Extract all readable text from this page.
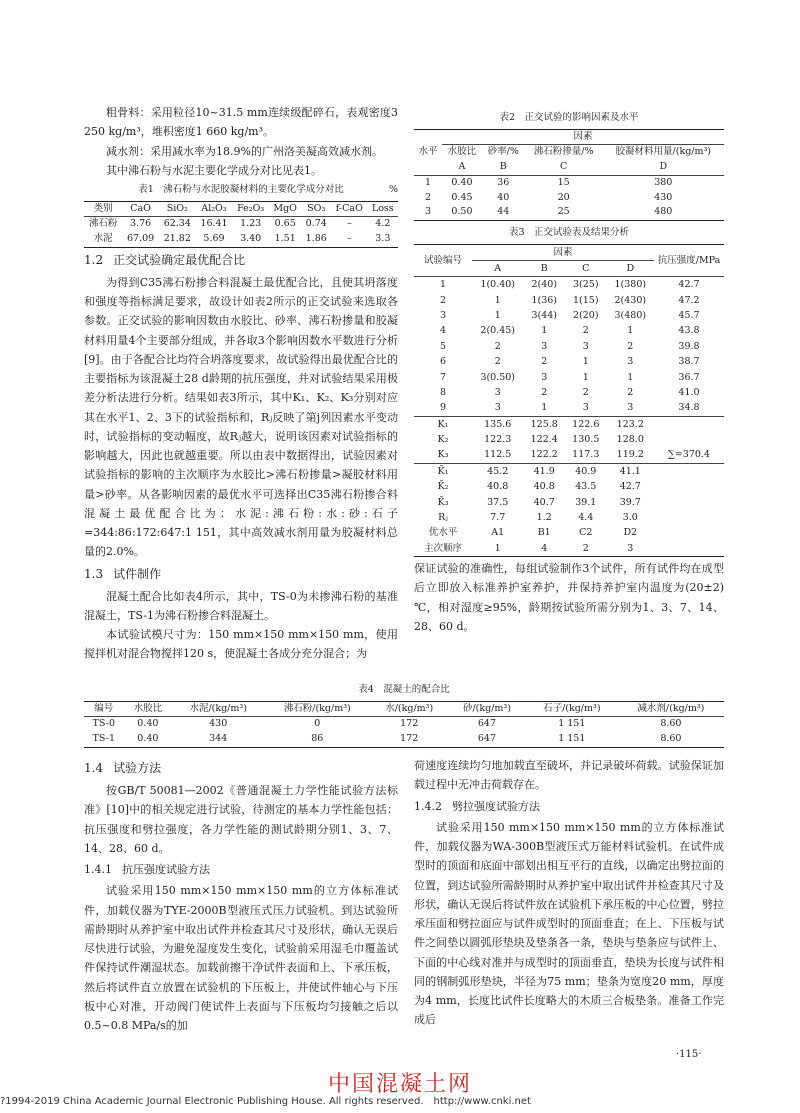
粗骨料：采用粒径10~31.5 mm连续级配碎石，表观密度3 250 kg/m³，堆积密度1 660 kg/m³。

减水剂：采用减水率为18.9%的广州洛美凝高效减水剂。

其中沸石粉与水泥主要化学成分对比见表1。

表1　沸石粉与水泥胶凝材料的主要化学成分对比	%
类别	CaO	SiO₂	Al₂O₃	Fe₂O₃	MgO	SO₃	f-CaO	Loss
沸石粉	3.76	62.34	16.41	1.23	0.65	0.74	–	4.2
水泥	67.09	21.82	5.69	3.40	1.51	1.86	–	3.3
1.2 正交试验确定最优配合比

为得到C35沸石粉掺合料混凝土最优配合比，且使其坍落度和强度等指标满足要求，故设计如表2所示的正交试验来选取各参数。正交试验的影响因数由水胶比、砂率、沸石粉掺量和胶凝材料用量4个主要部分组成，并各取3个影响因数水平数进行分析[9]。由于各配合比均符合坍落度要求，故试验得出最优配合比的主要指标为该混凝土28 d龄期的抗压强度，并对试验结果采用极差分析法进行分析。结果如表3所示，其中K₁、K₂、K₃分别对应其在水平1、2、3下的试验指标和，Rⱼ反映了第j列因素水平变动时，试验指标的变动幅度，故Rⱼ越大，说明该因素对试验指标的影响越大，因此也就越重要。所以由表中数据得出，试验因素对试验指标的影响的主次顺序为水胶比>沸石粉掺量>凝胶材料用量>砂率。从各影响因素的最优水平可选择出C35沸石粉掺合料混凝土最优配合比为：水泥:沸石粉:水:砂:石子=344:86:172:647:1 151，其中高效减水剂用量为胶凝材料总量的2.0%。

1.3 试件制作

混凝土配合比如表4所示，其中，TS-0为未掺沸石粉的基准混凝土，TS-1为沸石粉掺合料混凝土。

本试验试模尺寸为：150 mm×150 mm×150 mm，使用搅拌机对混合物搅拌120 s，使混凝土各成分充分混合；为

表2　正交试验的影响因素及水平
	因素			
水平	水胶比	砂率/%	沸石粉掺量/%	胶凝材料用量/(kg/m³)
	A	B	C	D
1	0.40	36	15	380
2	0.45	40	20	430
3	0.50	44	25	480
表3　正交试验表及结果分析
试验编号	因素				抗压强度/MPa
	A	B	C	D	
1	1(0.40)	2(40)	3(25)	1(380)	42.7
2	1	1(36)	1(15)	2(430)	47.2
3	1	3(44)	2(20)	3(480)	45.7
4	2(0.45)	1	2	1	43.8
5	2	3	3	2	39.8
6	2	2	1	3	38.7
7	3(0.50)	3	1	1	36.7
8	3	2	2	2	41.0
9	3	1	3	3	34.8
K₁	135.6	125.8	122.6	123.2	
K₂	122.3	122.4	130.5	128.0	
K₃	112.5	122.2	117.3	119.2	∑=370.4
K̄₁	45.2	41.9	40.9	41.1	
K̄₂	40.8	40.8	43.5	42.7	
K̄₃	37.5	40.7	39.1	39.7	
Rⱼ	7.7	1.2	4.4	3.0	
优水平	A1	B1	C2	D2	
主次顺序	1	4	2	3	

保证试验的准确性，每组试验制作3个试件，所有试件均在成型后立即放入标准养护室养护，并保持养护室内温度为(20±2) ℃，相对湿度≥95%，龄期按试验所需分别为1、3、7、14、28、60 d。

表4　混凝土的配合比
编号	水胶比	水泥/(kg/m³)	沸石粉/(kg/m³)	水/(kg/m³)	砂/(kg/m³)	石子/(kg/m³)	减水剂/(kg/m³)
TS-0	0.40	430	0	172	647	1 151	8.60
TS-1	0.40	344	86	172	647	1 151	8.60
1.4 试验方法

按GB/T 50081—2002《普通混凝土力学性能试验方法标准》[10]中的相关规定进行试验，待测定的基本力学性能包括：抗压强度和劈拉强度，各力学性能的测试龄期分别1、3、7、14、28、60 d。

1.4.1 抗压强度试验方法

试验采用150 mm×150 mm×150 mm的立方体标准试件，加载仪器为TYE-2000B型液压式压力试验机。到达试验所需龄期时从养护室中取出试件并检查其尺寸及形状，确认无误后尽快进行试验，为避免湿度发生变化，试验前采用湿毛巾覆盖试件保持试件潮湿状态。加载前擦干净试件表面和上、下承压板，然后将试件直立放置在试验机的下压板上，并使试件轴心与下压板中心对准，开动阀门使试件上表面与下压板均匀接触之后以0.5~0.8 MPa/s的加

荷速度连续均匀地加载直至破坏，并记录破坏荷载。试验保证加载过程中无冲击荷载存在。

1.4.2 劈拉强度试验方法

试验采用150 mm×150 mm×150 mm的立方体标准试件，加载仪器为WA-300B型液压式万能材料试验机。在试件成型时的顶面和底面中部划出相互平行的直线，以确定出劈拉面的位置，到达试验所需龄期时从养护室中取出试件并检查其尺寸及形状，确认无误后将试件放在试验机下承压板的中心位置，劈拉承压面和劈拉面应与试件成型时的顶面垂直；在上、下压板与试件之间垫以圆弧形垫块及垫条各一条，垫块与垫条应与试件上、下面的中心线对准并与成型时的顶面垂直，垫块为长度与试件相同的钢制弧形垫块，半径为75 mm；垫条为宽度20 mm，厚度为4 mm，长度比试件长度略大的木质三合板垫条。准备工作完成后

·115·
中国混凝土网
?1994-2019 China Academic Journal Electronic Publishing House. All rights reserved.　http://www.cnki.net
